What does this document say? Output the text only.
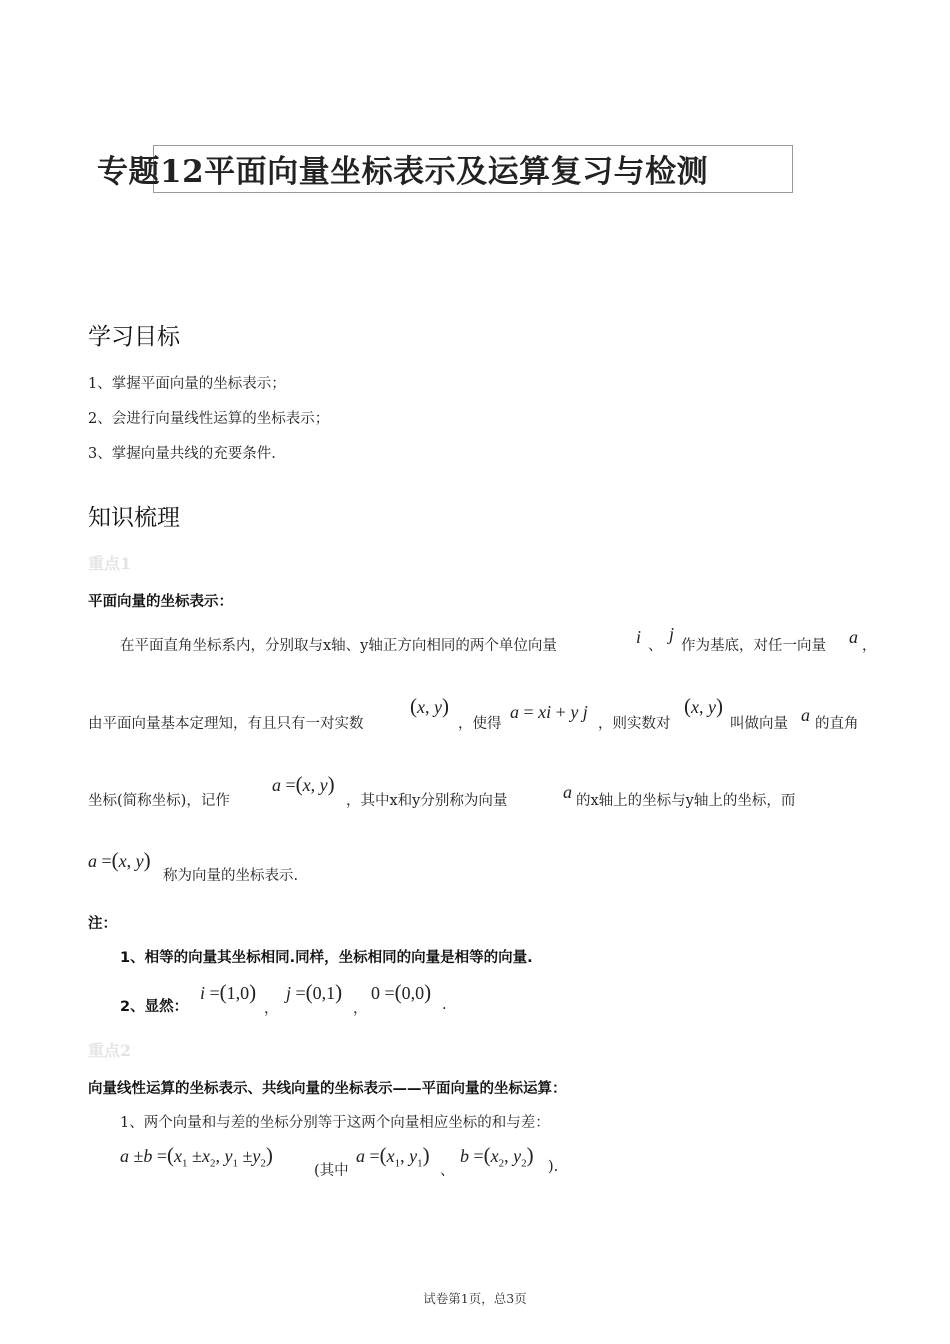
专题12平面向量坐标表示及运算复习与检测
学习目标
1、掌握平面向量的坐标表示；
2、会进行向量线性运算的坐标表示；
3、掌握向量共线的充要条件.
知识梳理
重点1
平面向量的坐标表示：
在平面直角坐标系内，分别取与x轴、y轴正方向相同的两个单位向量	i 、
j
作为基底，对任一向量 a ，
由平面向量基本定理知，有且只有一对实数
(x, y)
，使得
a = xi + y j
，则实数对
(x, y)
叫做向量 a 的直角
坐标(简称坐标)，记作
a =(x, y)
，其中x和y分别称为向量	a 的x轴上的坐标与y轴上的坐标，而
a =(x, y)
称为向量的坐标表示.
注：
1、相等的向量其坐标相同.同样，坐标相同的向量是相等的向量.
2、显然：
i =(1,0)
，
j =(0,1)
，
0 =(0,0)
.
重点2
向量线性运算的坐标表示、共线向量的坐标表示——平面向量的坐标运算：
1、两个向量和与差的坐标分别等于这两个向量相应坐标的和与差：
$a \pm b =(x_1 \pm x_2$, $y_1 \pm y_2$)
(其中
$a =(x_1$, $y_1$)
、
$b =(x_2$, $y_2$) ).
试卷第1页，总3页
